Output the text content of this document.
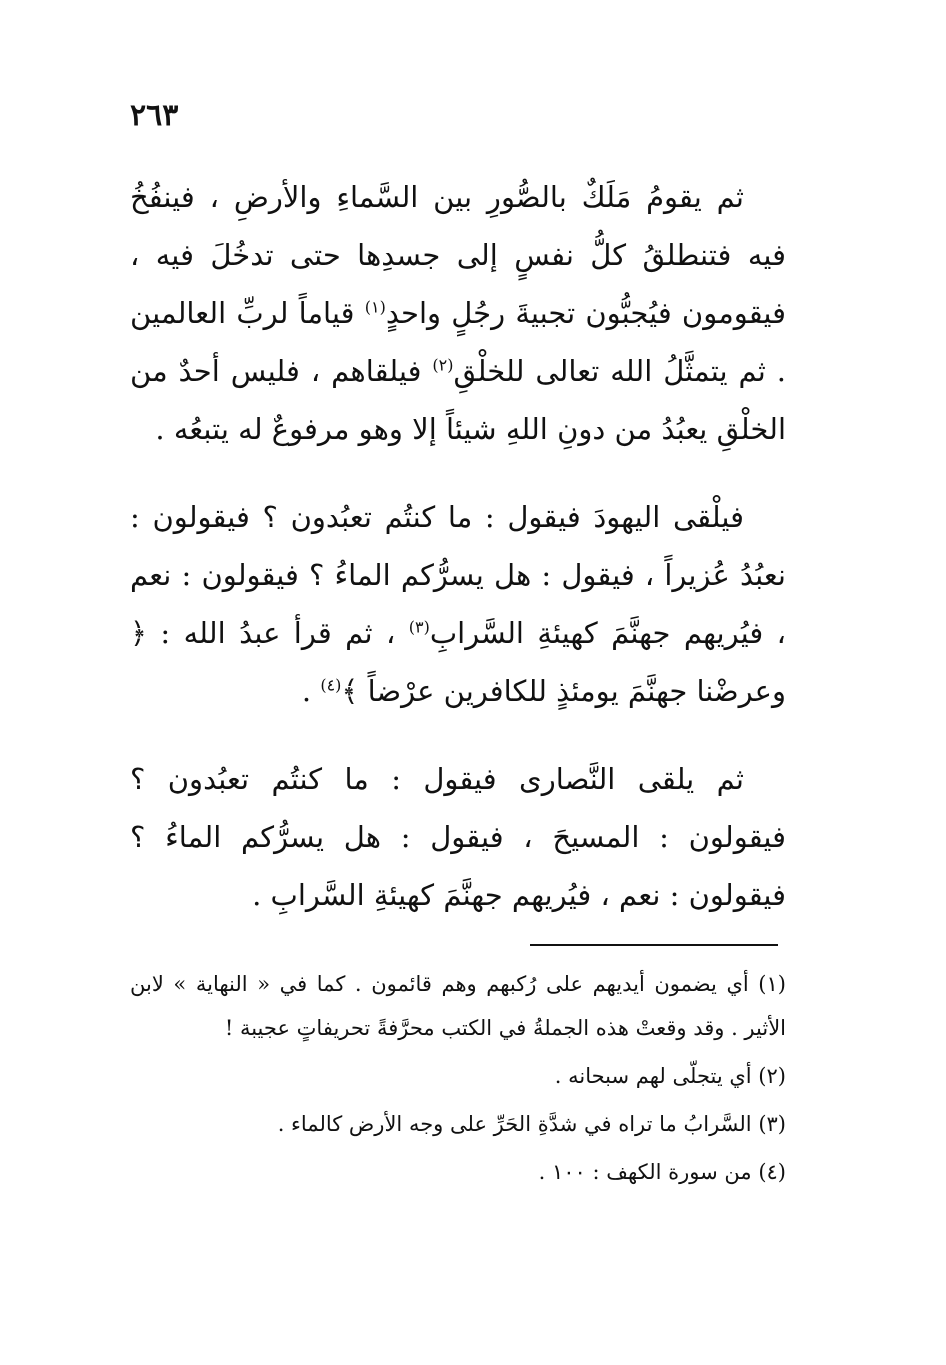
٢٦٣

ثم يقومُ مَلَكٌ بالصُّورِ بين السَّماءِ والأرضِ ، فينفُخُ فيه فتنطلقُ كلُّ نفسٍ إلى جسدِها حتى تدخُلَ فيه ، فيقومون فيُجبُّون تجبيةَ رجُلٍ واحدٍ$^{(١)}$ قياماً لربِّ العالمين . ثم يتمثَّلُ الله تعالى للخلْقِ$^{(٢)}$ فيلقاهم ، فليس أحدٌ من الخلْقِ يعبُدُ من دونِ اللهِ شيئاً إلا وهو مرفوعٌ له يتبعُه .

فيلْقى اليهودَ فيقول : ما كنتُم تعبُدون ؟ فيقولون : نعبُدُ عُزيراً ، فيقول : هل يسرُّكم الماءُ ؟ فيقولون : نعم ، فيُريهم جهنَّمَ كهيئةِ السَّرابِ$^{(٣)}$ ، ثم قرأ عبدُ الله : ﴿ وعرضْنا جهنَّمَ يومئذٍ للكافرين عرْضاً ﴾$^{(٤)}$ .

ثم يلقى النَّصارى فيقول : ما كنتُم تعبُدون ؟ فيقولون : المسيحَ ، فيقول : هل يسرُّكم الماءُ ؟ فيقولون : نعم ، فيُريهم جهنَّمَ كهيئةِ السَّرابِ .

(١) أي يضمون أيديهم على رُكبهم وهم قائمون . كما في « النهاية » لابن الأثير . وقد وقعتْ هذه الجملةُ في الكتب محرَّفةً تحريفاتٍ عجيبة !

(٢) أي يتجلّى لهم سبحانه .

(٣) السَّرابُ ما تراه في شدَّةِ الحَرِّ على وجه الأرض كالماء .

(٤) من سورة الكهف : ١٠٠ .
